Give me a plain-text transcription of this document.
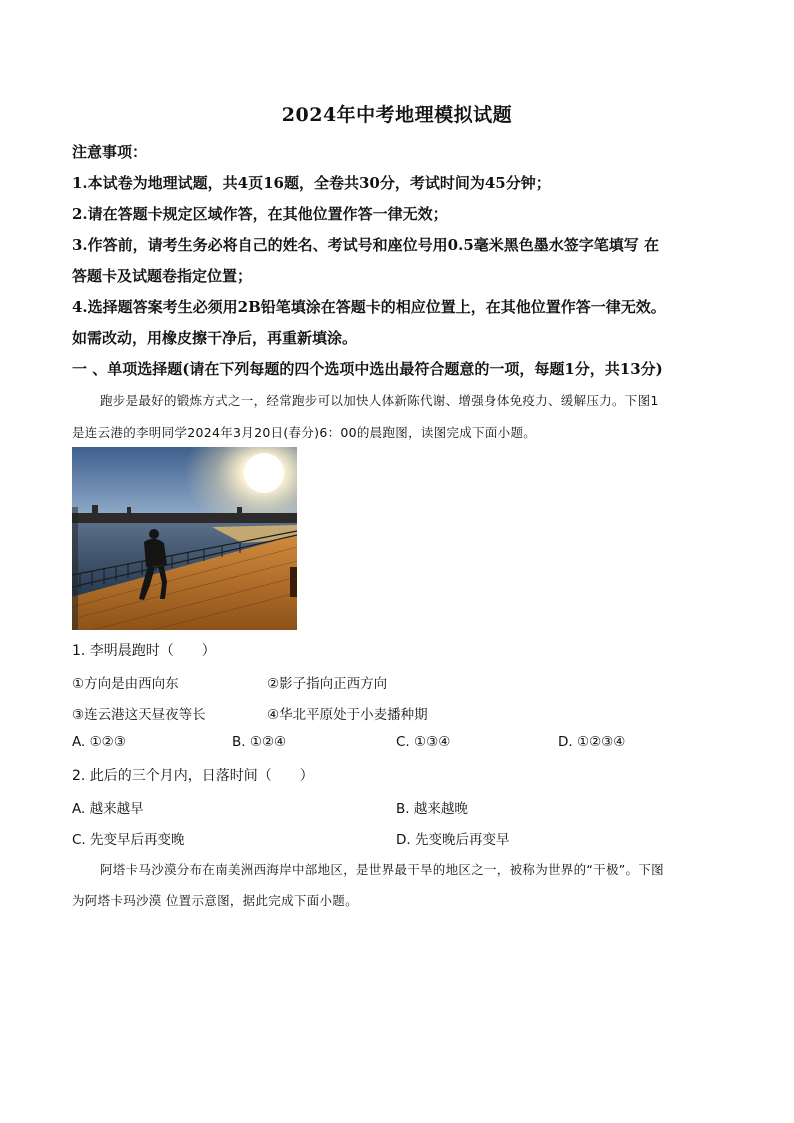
2024年中考地理模拟试题
注意事项：
1.本试卷为地理试题，共4页16题，全卷共30分，考试时间为45分钟；
2.请在答题卡规定区域作答，在其他位置作答一律无效；
3.作答前，请考生务必将自己的姓名、考试号和座位号用0.5毫米黑色墨水签字笔填写 在
答题卡及试题卷指定位置；
4.选择题答案考生必须用2B铅笔填涂在答题卡的相应位置上，在其他位置作答一律无效。
如需改动，用橡皮擦干净后，再重新填涂。
一 、单项选择题(请在下列每题的四个选项中选出最符合题意的一项，每题1分，共13分)
跑步是最好的锻炼方式之一，经常跑步可以加快人体新陈代谢、增强身体免疫力、缓解压力。下图1
是连云港的李明同学2024年3月20日(春分)6：00的晨跑图，读图完成下面小题。
1. 李明晨跑时（　　）
①方向是由西向东	②影子指向正西方向
③连云港这天昼夜等长	④华北平原处于小麦播种期
A. ①②③	B. ①②④	C. ①③④	D. ①②③④
2. 此后的三个月内，日落时间（　　）
A. 越来越早	B. 越来越晚
C. 先变早后再变晚	D. 先变晚后再变早
阿塔卡马沙漠分布在南美洲西海岸中部地区，是世界最干旱的地区之一，被称为世界的“干极”。下图
为阿塔卡玛沙漠 位置示意图，据此完成下面小题。
